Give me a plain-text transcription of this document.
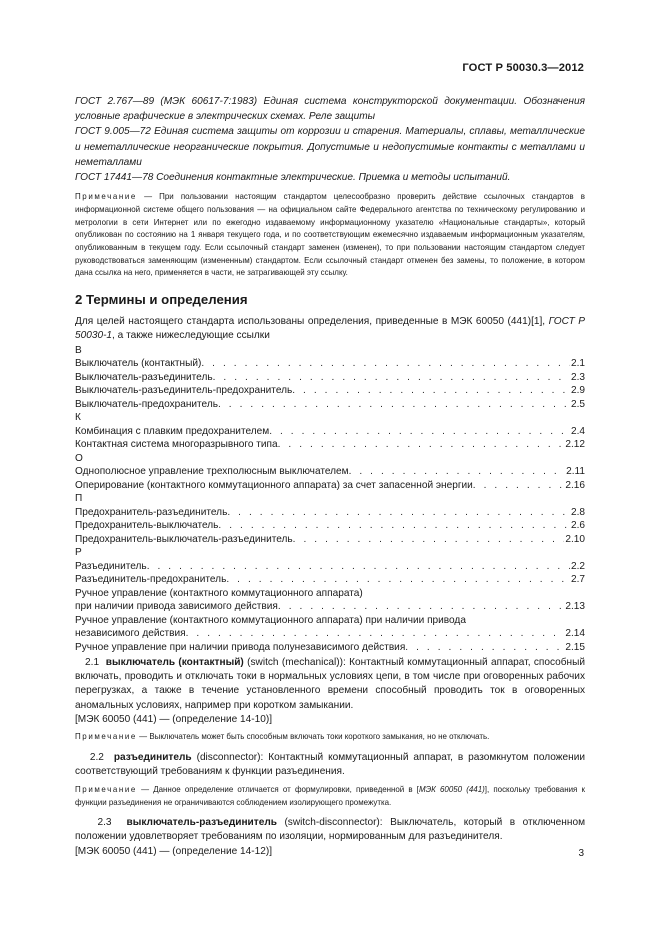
ГОСТ Р 50030.3—2012

ГОСТ 2.767—89 (МЭК 60617-7:1983) Единая система конструкторской документации. Обозначения условные графические в электрических схемах. Реле защиты

ГОСТ 9.005—72 Единая система защиты от коррозии и старения. Материалы, сплавы, металлические и неметаллические неорганические покрытия. Допустимые и недопустимые контакты с металлами и неметаллами

ГОСТ 17441—78 Соединения контактные электрические. Приемка и методы испытаний.

Примечание — При пользовании настоящим стандартом целесообразно проверить действие ссылочных стандартов в информационной системе общего пользования — на официальном сайте Федерального агентства по техническому регулированию и метрологии в сети Интернет или по ежегодно издаваемому информационному указателю «Национальные стандарты», который опубликован по состоянию на 1 января текущего года, и по соответствующим ежемесячно издаваемым информационным указателям, опубликованным в текущем году. Если ссылочный стандарт заменен (изменен), то при пользовании настоящим стандартом следует руководствоваться заменяющим (измененным) стандартом. Если ссылочный стандарт отменен без замены, то положение, в котором дана ссылка на него, применяется в части, не затрагивающей эту ссылку.
2 Термины и определения
Для целей настоящего стандарта использованы определения, приведенные в МЭК 60050 (441)[1], ГОСТ Р 50030-1, а также нижеследующие ссылки
В
Выключатель (контактный) . . .	2.1
Выключатель-разъединитель . . .	2.3
Выключатель-разъединитель-предохранитель . . .	2.9
Выключатель-предохранитель . . .	2.5
К
Комбинация с плавким предохранителем . . .	2.4
Контактная система многоразрывного типа . . .	2.12
О
Однополюсное управление трехполюсным выключателем . . .	2.11
Оперирование (контактного коммутационного аппарата) за счет запасенной энергии . . .	2.16
П
Предохранитель-разъединитель . . .	2.8
Предохранитель-выключатель . . .	2.6
Предохранитель-выключатель-разъединитель . . .	2.10
Р
Разъединитель . . .	2.2
Разъединитель-предохранитель . . .	2.7
Ручное управление (контактного коммутационного аппарата)
при наличии привода зависимого действия . . .	2.13
Ручное управление (контактного коммутационного аппарата) при наличии привода
независимого действия . . .	2.14
Ручное управление при наличии привода полунезависимого действия . . .	2.15
2.1 выключатель (контактный) (switch (mechanical)): Контактный коммутационный аппарат, способный включать, проводить и отключать токи в нормальных условиях цепи, в том числе при оговоренных рабочих перегрузках, а также в течение установленного времени способный проводить ток в оговоренных аномальных условиях, например при коротком замыкании.
[МЭК 60050 (441) — (определение 14-10)]
Примечание — Выключатель может быть способным включать токи короткого замыкания, но не отключать.
2.2 разъединитель (disconnector): Контактный коммутационный аппарат, в разомкнутом положении соответствующий требованиям к функции разъединения.
Примечание — Данное определение отличается от формулировки, приведенной в [МЭК 60050 (441)], поскольку требования к функции разъединения не ограничиваются соблюдением изолирующего промежутка.
2.3 выключатель-разъединитель (switch-disconnector): Выключатель, который в отключенном положении удовлетворяет требованиям по изоляции, нормированным для разъединителя.
[МЭК 60050 (441) — (определение 14-12)]	3
